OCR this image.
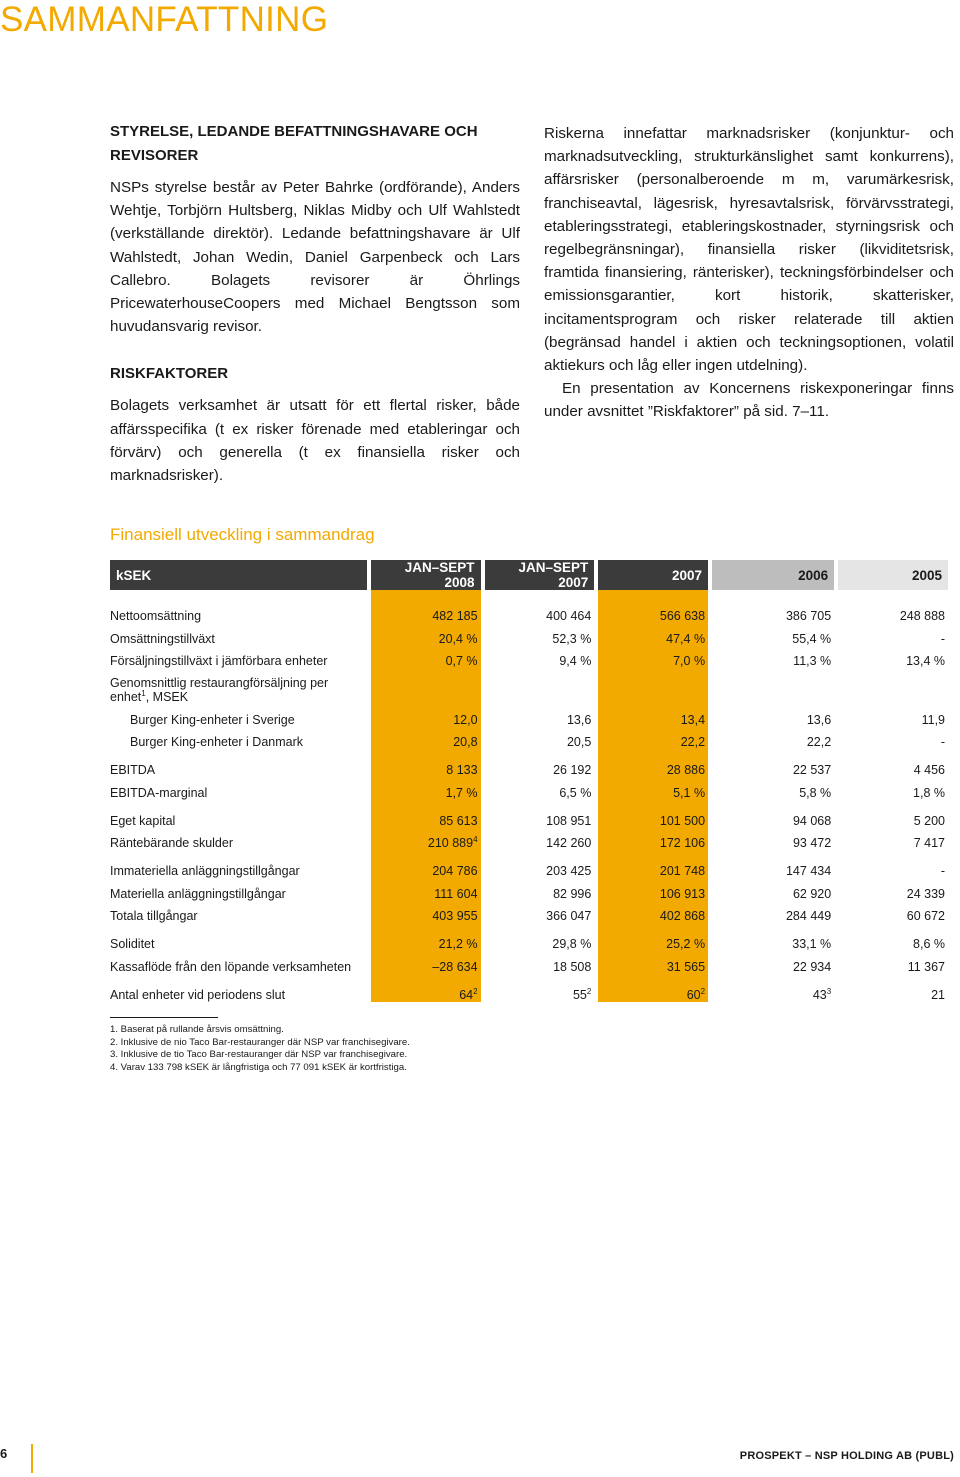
SAMMANFATTNING
STYRELSE, LEDANDE BEFATTNINGSHAVARE OCH REVISORER

NSPs styrelse består av Peter Bahrke (ordförande), Anders Wehtje, Torbjörn Hultsberg, Niklas Midby och Ulf Wahlstedt (verkställande direktör). Ledande befattningshavare är Ulf Wahlstedt, Johan Wedin, Daniel Garpenbeck och Lars Callebro. Bolagets revisorer är Öhrlings PricewaterhouseCoopers med Michael Bengtsson som huvudansvarig revisor.

RISKFAKTORER

Bolagets verksamhet är utsatt för ett flertal risker, både affärsspecifika (t ex risker förenade med etableringar och förvärv) och generella (t ex finansiella risker och marknadsrisker).

Riskerna innefattar marknadsrisker (konjunktur- och marknadsutveckling, strukturkänslighet samt konkurrens), affärsrisker (personalberoende m m, varumärkesrisk, franchiseavtal, lägesrisk, hyresavtalsrisk, förvärvsstrategi, etableringsstrategi, etableringskostnader, styrningsrisk och regelbegränsningar), finansiella risker (likviditetsrisk, framtida finansiering, ränterisker), teckningsförbindelser och emissionsgarantier, kort historik, skatterisker, incitamentsprogram och risker relaterade till aktien (begränsad handel i aktien och teckningsoptionen, volatil aktiekurs och låg eller ingen utdelning).

En presentation av Koncernens riskexponeringar finns under avsnittet ”Riskfaktorer” på sid. 7–11.

Finansiell utveckling i sammandrag
kSEK	JAN–SEPT 2008	JAN–SEPT 2007	2007	2006	2005
Nettoomsättning	482 185	400 464	566 638	386 705	248 888
Omsättningstillväxt	20,4 %	52,3 %	47,4 %	55,4 %	-
Försäljningstillväxt i jämförbara enheter	0,7 %	9,4 %	7,0 %	11,3 %	13,4 %
Genomsnittlig restaurangförsäljning per enhet$^1$, MSEK					
Burger King-enheter i Sverige	12,0	13,6	13,4	13,6	11,9
Burger King-enheter i Danmark	20,8	20,5	22,2	22,2	-
EBITDA	8 133	26 192	28 886	22 537	4 456
EBITDA-marginal	1,7 %	6,5 %	5,1 %	5,8 %	1,8 %
Eget kapital	85 613	108 951	101 500	94 068	5 200
Räntebärande skulder	210 $889^4$	142 260	172 106	93 472	7 417
Immateriella anläggningstillgångar	204 786	203 425	201 748	147 434	-
Materiella anläggningstillgångar	111 604	82 996	106 913	62 920	24 339
Totala tillgångar	403 955	366 047	402 868	284 449	60 672
Soliditet	21,2 %	29,8 %	25,2 %	33,1 %	8,6 %
Kassaflöde från den löpande verksamheten	–28 634	18 508	31 565	22 934	11 367
Antal enheter vid periodens slut	$64^2$	$55^2$	$60^2$	$43^3$	21
1. Baserat på rullande årsvis omsättning.
2. Inklusive de nio Taco Bar-restauranger där NSP var franchisegivare.
3. Inklusive de tio Taco Bar-restauranger där NSP var franchisegivare.
4. Varav 133 798 kSEK är långfristiga och 77 091 kSEK är kortfristiga.
6	PROSPEKT – NSP HOLDING AB (PUBL)
